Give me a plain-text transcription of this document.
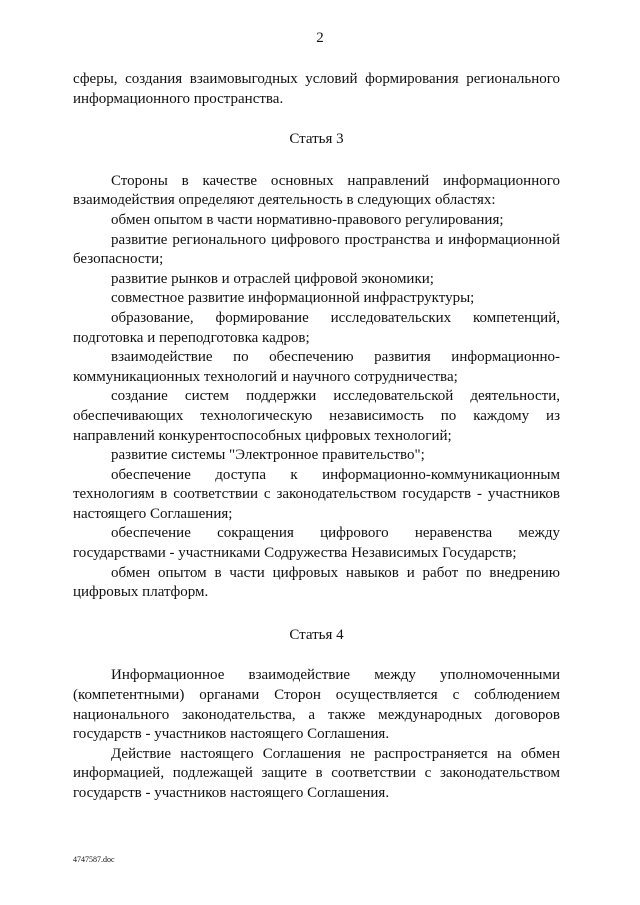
2

сферы, создания взаимовыгодных условий формирования регионального информационного пространства.

Статья 3

Стороны в качестве основных направлений информационного взаимодействия определяют деятельность в следующих областях:

обмен опытом в части нормативно-правового регулирования;

развитие регионального цифрового пространства и информационной безопасности;

развитие рынков и отраслей цифровой экономики;

совместное развитие информационной инфраструктуры;

образование, формирование исследовательских компетенций, подготовка и переподготовка кадров;

взаимодействие по обеспечению развития информационно-коммуникационных технологий и научного сотрудничества;

создание систем поддержки исследовательской деятельности, обеспечивающих технологическую независимость по каждому из направлений конкурентоспособных цифровых технологий;

развитие системы "Электронное правительство";

обеспечение доступа к информационно-коммуникационным технологиям в соответствии с законодательством государств - участников настоящего Соглашения;

обеспечение сокращения цифрового неравенства между государствами - участниками Содружества Независимых Государств;

обмен опытом в части цифровых навыков и работ по внедрению цифровых платформ.

Статья 4

Информационное взаимодействие между уполномоченными (компетентными) органами Сторон осуществляется с соблюдением национального законодательства, а также международных договоров государств - участников настоящего Соглашения.

Действие настоящего Соглашения не распространяется на обмен информацией, подлежащей защите в соответствии с законодательством государств - участников настоящего Соглашения.

4747587.doc
